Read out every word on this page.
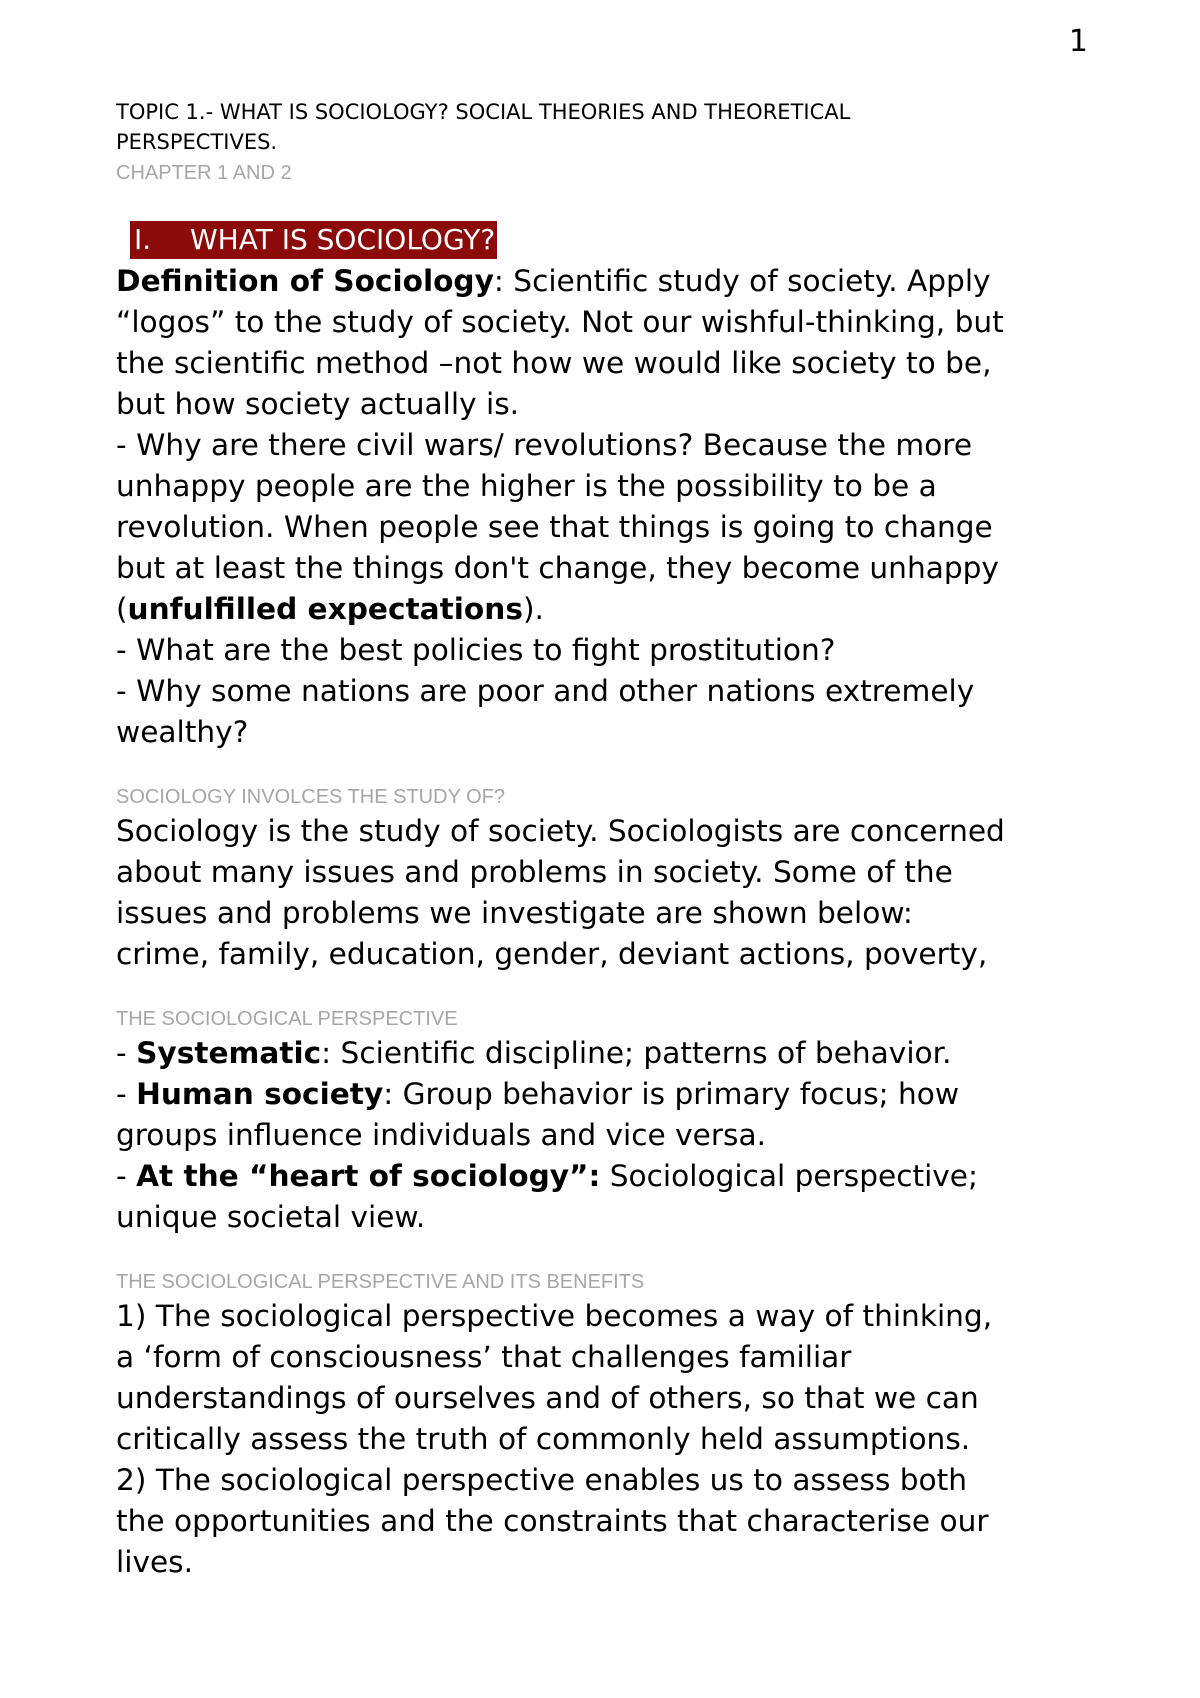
1

TOPIC 1.- WHAT IS SOCIOLOGY? SOCIAL THEORIES AND THEORETICAL

PERSPECTIVES.

CHAPTER 1 AND 2

I. WHAT IS SOCIOLOGY?

Definition of Sociology: Scientific study of society. Apply

“logos” to the study of society. Not our wishful-thinking, but

the scientific method –not how we would like society to be,

but how society actually is.

- Why are there civil wars/ revolutions? Because the more

unhappy people are the higher is the possibility to be a

revolution. When people see that things is going to change

but at least the things don't change, they become unhappy

(unfulfilled expectations).

- What are the best policies to fight prostitution?

- Why some nations are poor and other nations extremely

wealthy?

SOCIOLOGY INVOLCES THE STUDY OF?

Sociology is the study of society. Sociologists are concerned

about many issues and problems in society. Some of the

issues and problems we investigate are shown below:

crime, family, education, gender, deviant actions, poverty,

THE SOCIOLOGICAL PERSPECTIVE

- Systematic: Scientific discipline; patterns of behavior.

- Human society: Group behavior is primary focus; how

groups influence individuals and vice versa.

- At the “heart of sociology”: Sociological perspective;

unique societal view.

THE SOCIOLOGICAL PERSPECTIVE AND ITS BENEFITS

1) The sociological perspective becomes a way of thinking,

a ‘form of consciousness’ that challenges familiar

understandings of ourselves and of others, so that we can

critically assess the truth of commonly held assumptions.

2) The sociological perspective enables us to assess both

the opportunities and the constraints that characterise our

lives.
